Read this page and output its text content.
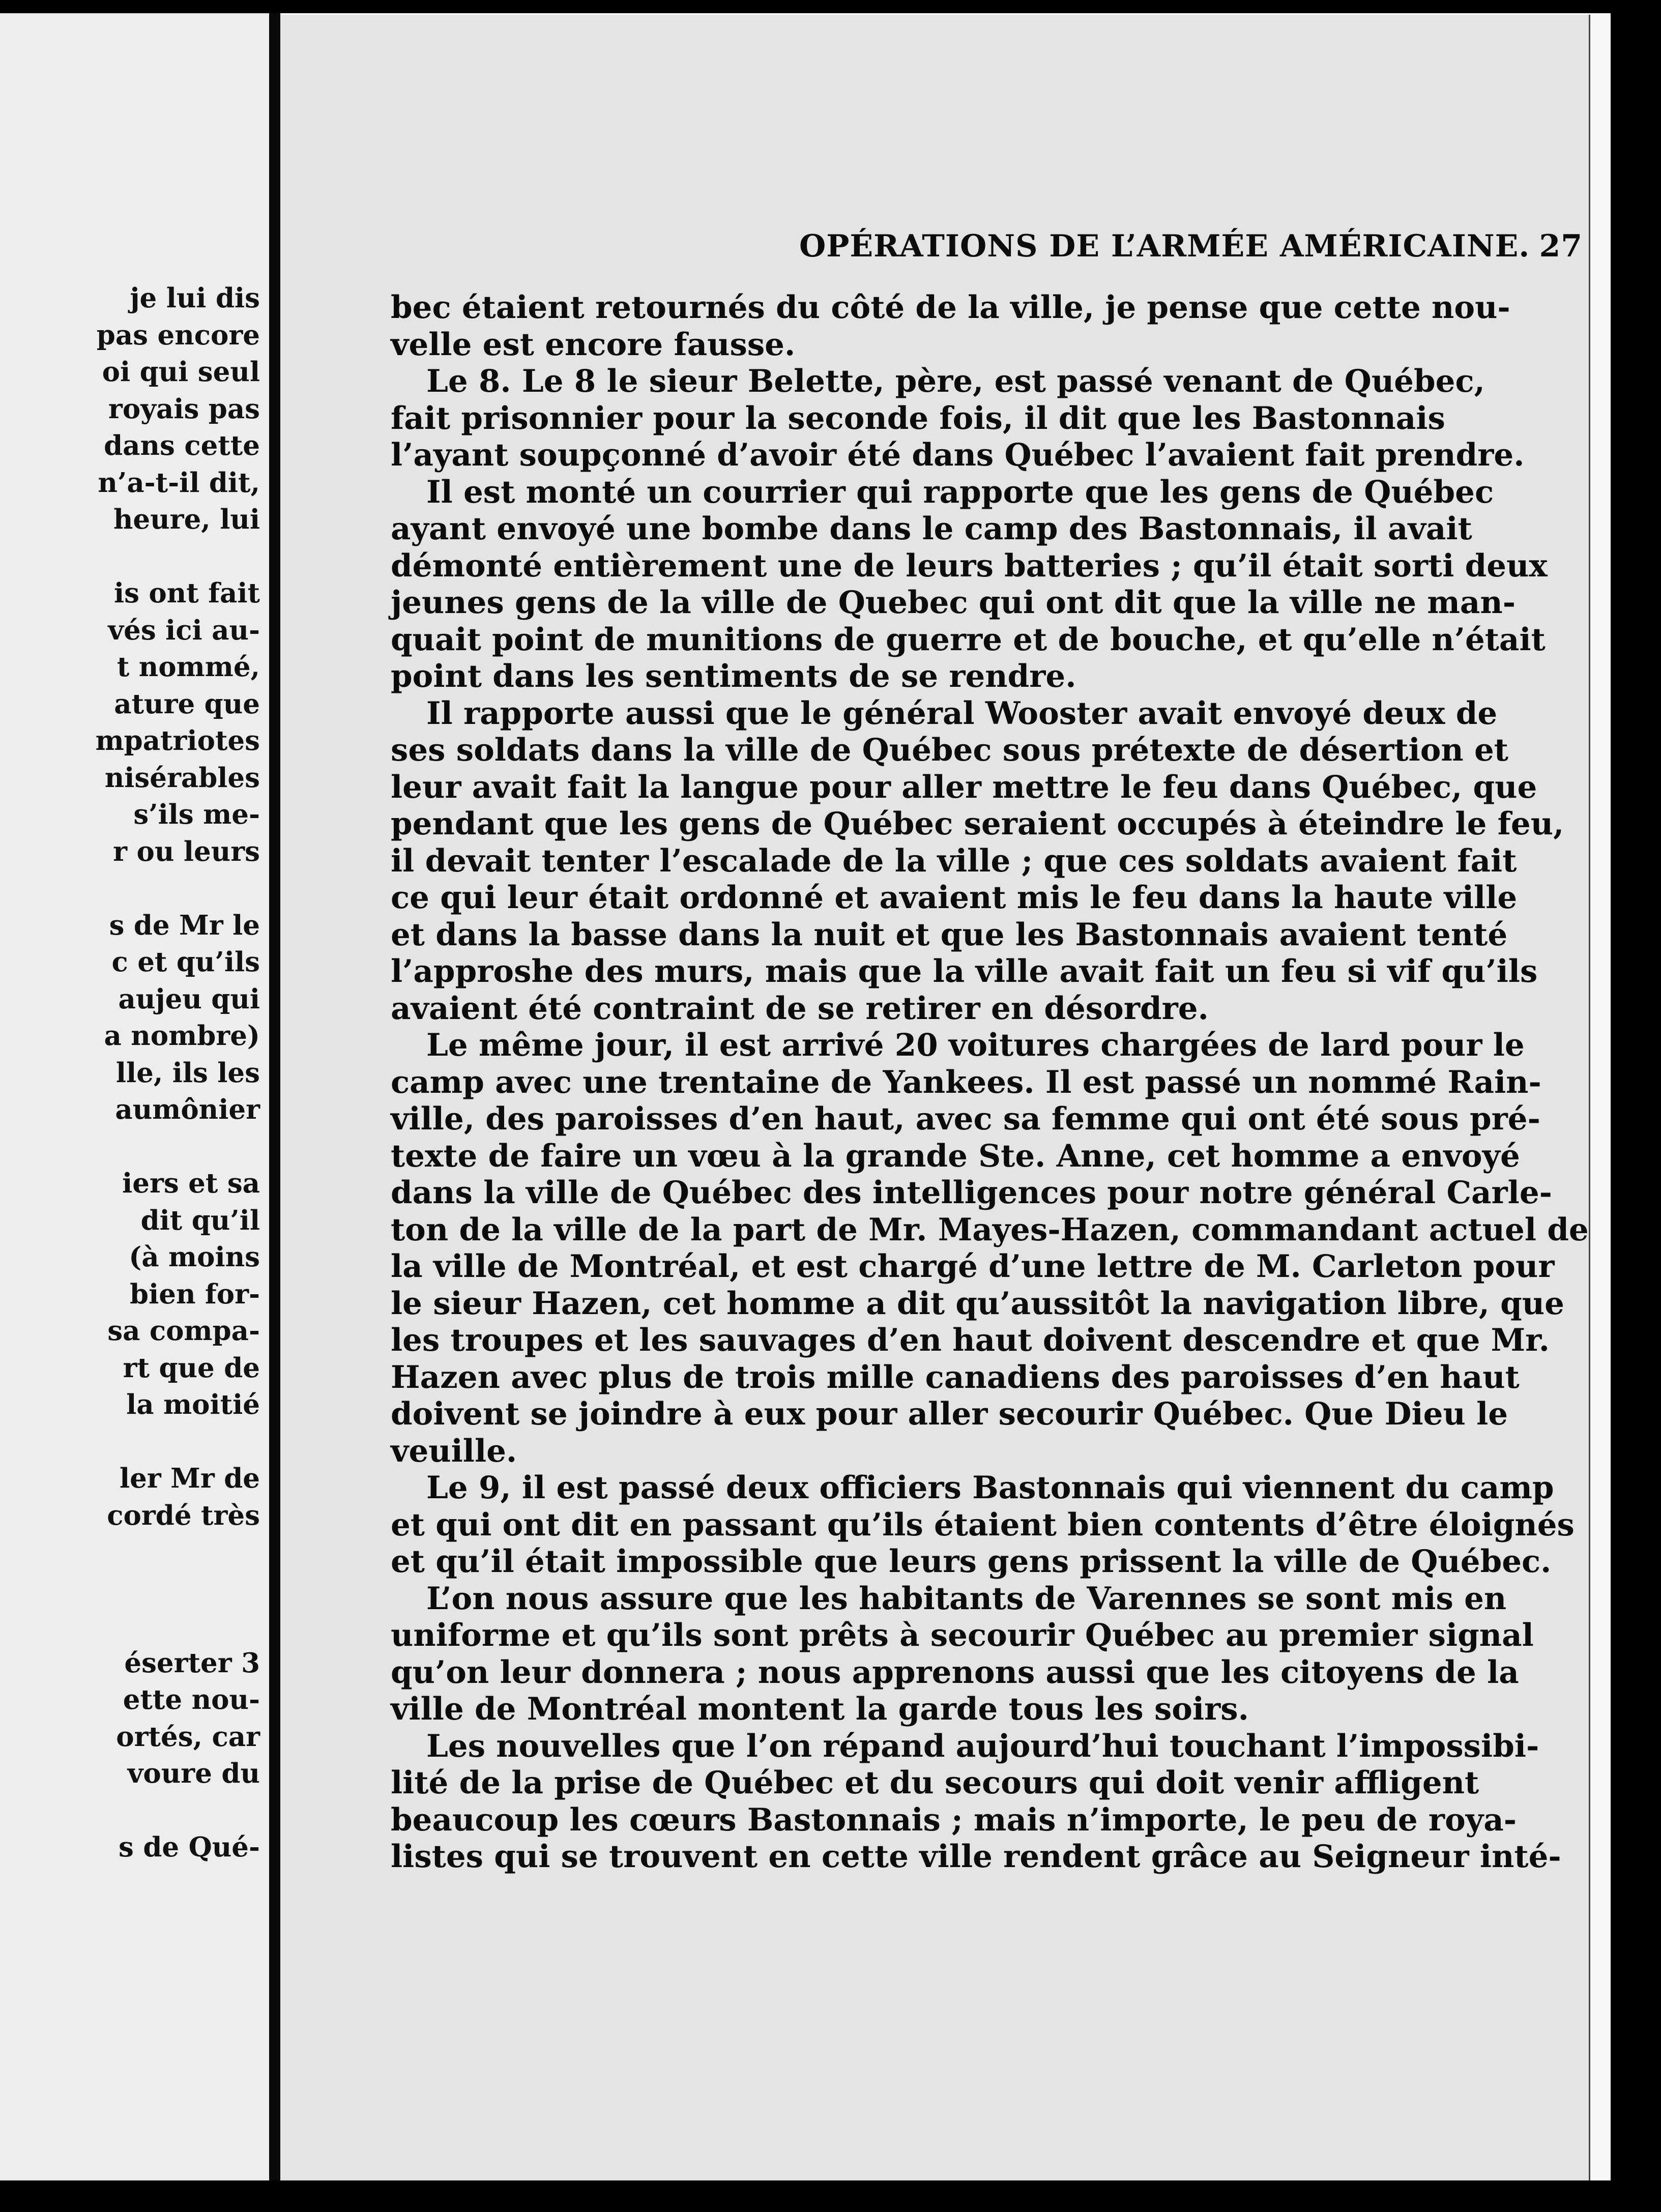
je lui dis
pas encore
oi qui seul
royais pas
dans cette
n’a-t-il dit,
heure, lui
is ont fait
vés ici au-
t nommé,
ature que
mpatriotes
nisérables
s’ils me-
r ou leurs
s de Mr le
c et qu’ils
aujeu qui
a nombre)
lle, ils les
aumônier
iers et sa
dit qu’il
(à moins
bien for-
sa compa-
rt que de
la moitié
ler Mr de
cordé très
éserter 3
ette nou-
ortés, car
voure du
s de Qué-
OPÉRATIONS DE L’ARMÉE AMÉRICAINE. 27
bec étaient retournés du côté de la ville, je pense que cette nou-
velle est encore fausse.
Le 8. Le 8 le sieur Belette, père, est passé venant de Québec,
fait prisonnier pour la seconde fois, il dit que les Bastonnais
l’ayant soupçonné d’avoir été dans Québec l’avaient fait prendre.
Il est monté un courrier qui rapporte que les gens de Québec
ayant envoyé une bombe dans le camp des Bastonnais, il avait
démonté entièrement une de leurs batteries ; qu’il était sorti deux
jeunes gens de la ville de Quebec qui ont dit que la ville ne man-
quait point de munitions de guerre et de bouche, et qu’elle n’était
point dans les sentiments de se rendre.
Il rapporte aussi que le général Wooster avait envoyé deux de
ses soldats dans la ville de Québec sous prétexte de désertion et
leur avait fait la langue pour aller mettre le feu dans Québec, que
pendant que les gens de Québec seraient occupés à éteindre le feu,
il devait tenter l’escalade de la ville ; que ces soldats avaient fait
ce qui leur était ordonné et avaient mis le feu dans la haute ville
et dans la basse dans la nuit et que les Bastonnais avaient tenté
l’approshe des murs, mais que la ville avait fait un feu si vif qu’ils
avaient été contraint de se retirer en désordre.
Le même jour, il est arrivé 20 voitures chargées de lard pour le
camp avec une trentaine de Yankees. Il est passé un nommé Rain-
ville, des paroisses d’en haut, avec sa femme qui ont été sous pré-
texte de faire un vœu à la grande Ste. Anne, cet homme a envoyé
dans la ville de Québec des intelligences pour notre général Carle-
ton de la ville de la part de Mr. Mayes-Hazen, commandant actuel de
la ville de Montréal, et est chargé d’une lettre de M. Carleton pour
le sieur Hazen, cet homme a dit qu’aussitôt la navigation libre, que
les troupes et les sauvages d’en haut doivent descendre et que Mr.
Hazen avec plus de trois mille canadiens des paroisses d’en haut
doivent se joindre à eux pour aller secourir Québec. Que Dieu le
veuille.
Le 9, il est passé deux officiers Bastonnais qui viennent du camp
et qui ont dit en passant qu’ils étaient bien contents d’être éloignés
et qu’il était impossible que leurs gens prissent la ville de Québec.
L’on nous assure que les habitants de Varennes se sont mis en
uniforme et qu’ils sont prêts à secourir Québec au premier signal
qu’on leur donnera ; nous apprenons aussi que les citoyens de la
ville de Montréal montent la garde tous les soirs.
Les nouvelles que l’on répand aujourd’hui touchant l’impossibi-
lité de la prise de Québec et du secours qui doit venir affligent
beaucoup les cœurs Bastonnais ; mais n’importe, le peu de roya-
listes qui se trouvent en cette ville rendent grâce au Seigneur inté-
